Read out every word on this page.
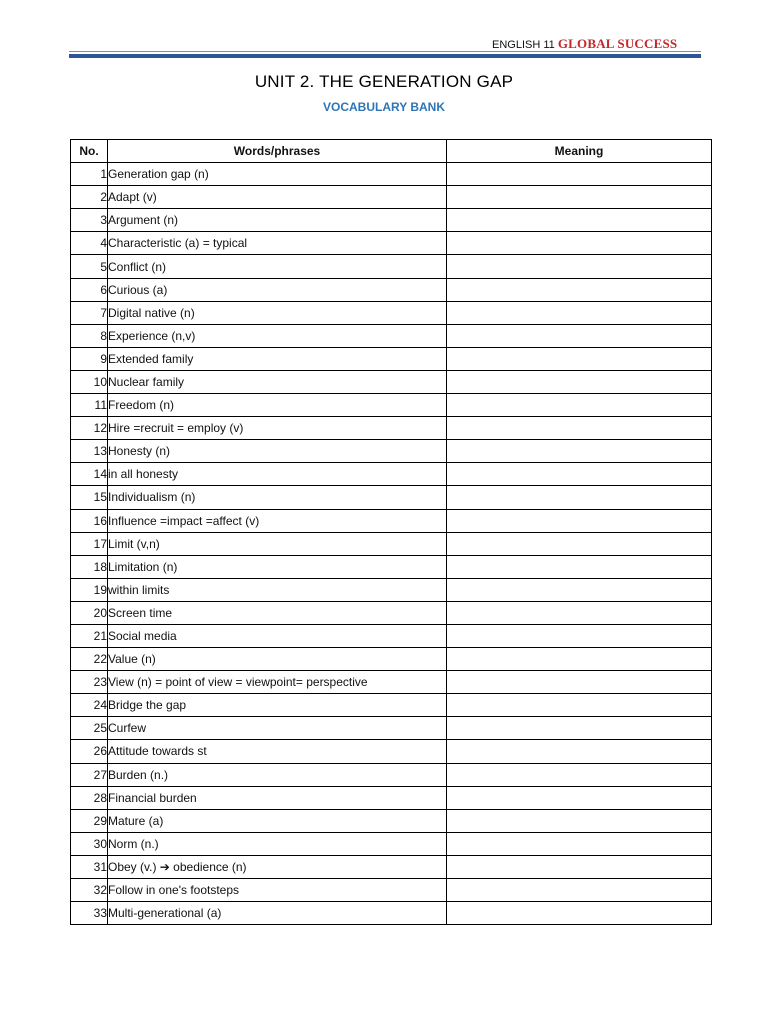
ENGLISH 11 GLOBAL SUCCESS
UNIT 2. THE GENERATION GAP
VOCABULARY BANK
No.	Words/phrases	Meaning
1	Generation gap (n)	
2	Adapt (v)	
3	Argument (n)	
4	Characteristic (a) = typical	
5	Conflict (n)	
6	Curious (a)	
7	Digital native (n)	
8	Experience (n,v)	
9	Extended family	
10	Nuclear family	
11	Freedom (n)	
12	Hire =recruit = employ (v)	
13	Honesty (n)	
14	in all honesty	
15	Individualism (n)	
16	Influence =impact =affect (v)	
17	Limit (v,n)	
18	Limitation (n)	
19	within limits	
20	Screen time	
21	Social media	
22	Value (n)	
23	View (n) = point of view = viewpoint= perspective	
24	Bridge the gap	
25	Curfew	
26	Attitude towards st	
27	Burden (n.)	
28	Financial burden	
29	Mature (a)	
30	Norm (n.)	
31	Obey (v.) ➔ obedience (n)	
32	Follow in one's footsteps	
33	Multi-generational (a)	
